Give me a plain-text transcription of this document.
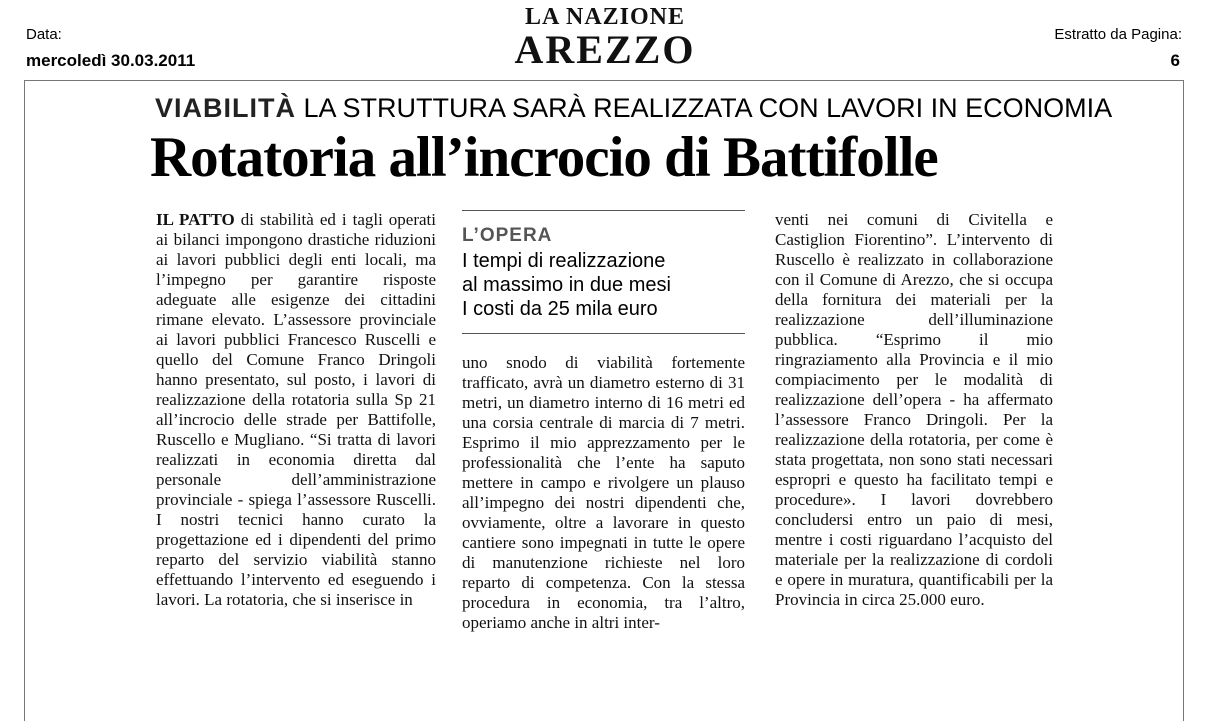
Data:
mercoledì 30.03.2011
Estratto da Pagina:
6
LA NAZIONE
AREZZO
VIABILITÀ LA STRUTTURA SARÀ REALIZZATA CON LAVORI IN ECONOMIA
Rotatoria all’incrocio di Battifolle

IL PATTO di stabilità ed i tagli operati ai bilanci impongono drastiche riduzioni ai lavori pubblici degli enti locali, ma l’impegno per garantire risposte adeguate alle esigenze dei cittadini rimane elevato. L’assessore provinciale ai lavori pubblici Francesco Ruscelli e quello del Comune Franco Dringoli hanno presentato, sul posto, i lavori di realizzazione della rotatoria sulla Sp 21 all’incrocio delle strade per Battifolle, Ruscello e Mugliano. “Si tratta di lavori realizzati in economia diretta dal personale dell’amministrazione provinciale - spiega l’assessore Ruscelli. I nostri tecnici hanno curato la progettazione ed i dipendenti del primo reparto del servizio viabilità stanno effettuando l’intervento ed eseguendo i lavori. La rotatoria, che si inserisce in

L’OPERA
I tempi di realizzazione
al massimo in due mesi
I costi da 25 mila euro

uno snodo di viabilità fortemente trafficato, avrà un diametro esterno di 31 metri, un diametro interno di 16 metri ed una corsia centrale di marcia di 7 metri. Esprimo il mio apprezzamento per le professionalità che l’ente ha saputo mettere in campo e rivolgere un plauso all’impegno dei nostri dipendenti che, ovviamente, oltre a lavorare in questo cantiere sono impegnati in tutte le opere di manutenzione richieste nel loro reparto di competenza. Con la stessa procedura in economia, tra l’altro, operiamo anche in altri inter-

venti nei comuni di Civitella e Castiglion Fiorentino”. L’intervento di Ruscello è realizzato in collaborazione con il Comune di Arezzo, che si occupa della fornitura dei materiali per la realizzazione dell’illuminazione pubblica. “Esprimo il mio ringraziamento alla Provincia e il mio compiacimento per le modalità di realizzazione dell’opera - ha affermato l’assessore Franco Dringoli. Per la realizzazione della rotatoria, per come è stata progettata, non sono stati necessari espropri e questo ha facilitato tempi e procedure». I lavori dovrebbero concludersi entro un paio di mesi, mentre i costi riguardano l’acquisto del materiale per la realizzazione di cordoli e opere in muratura, quantificabili per la Provincia in circa 25.000 euro.
